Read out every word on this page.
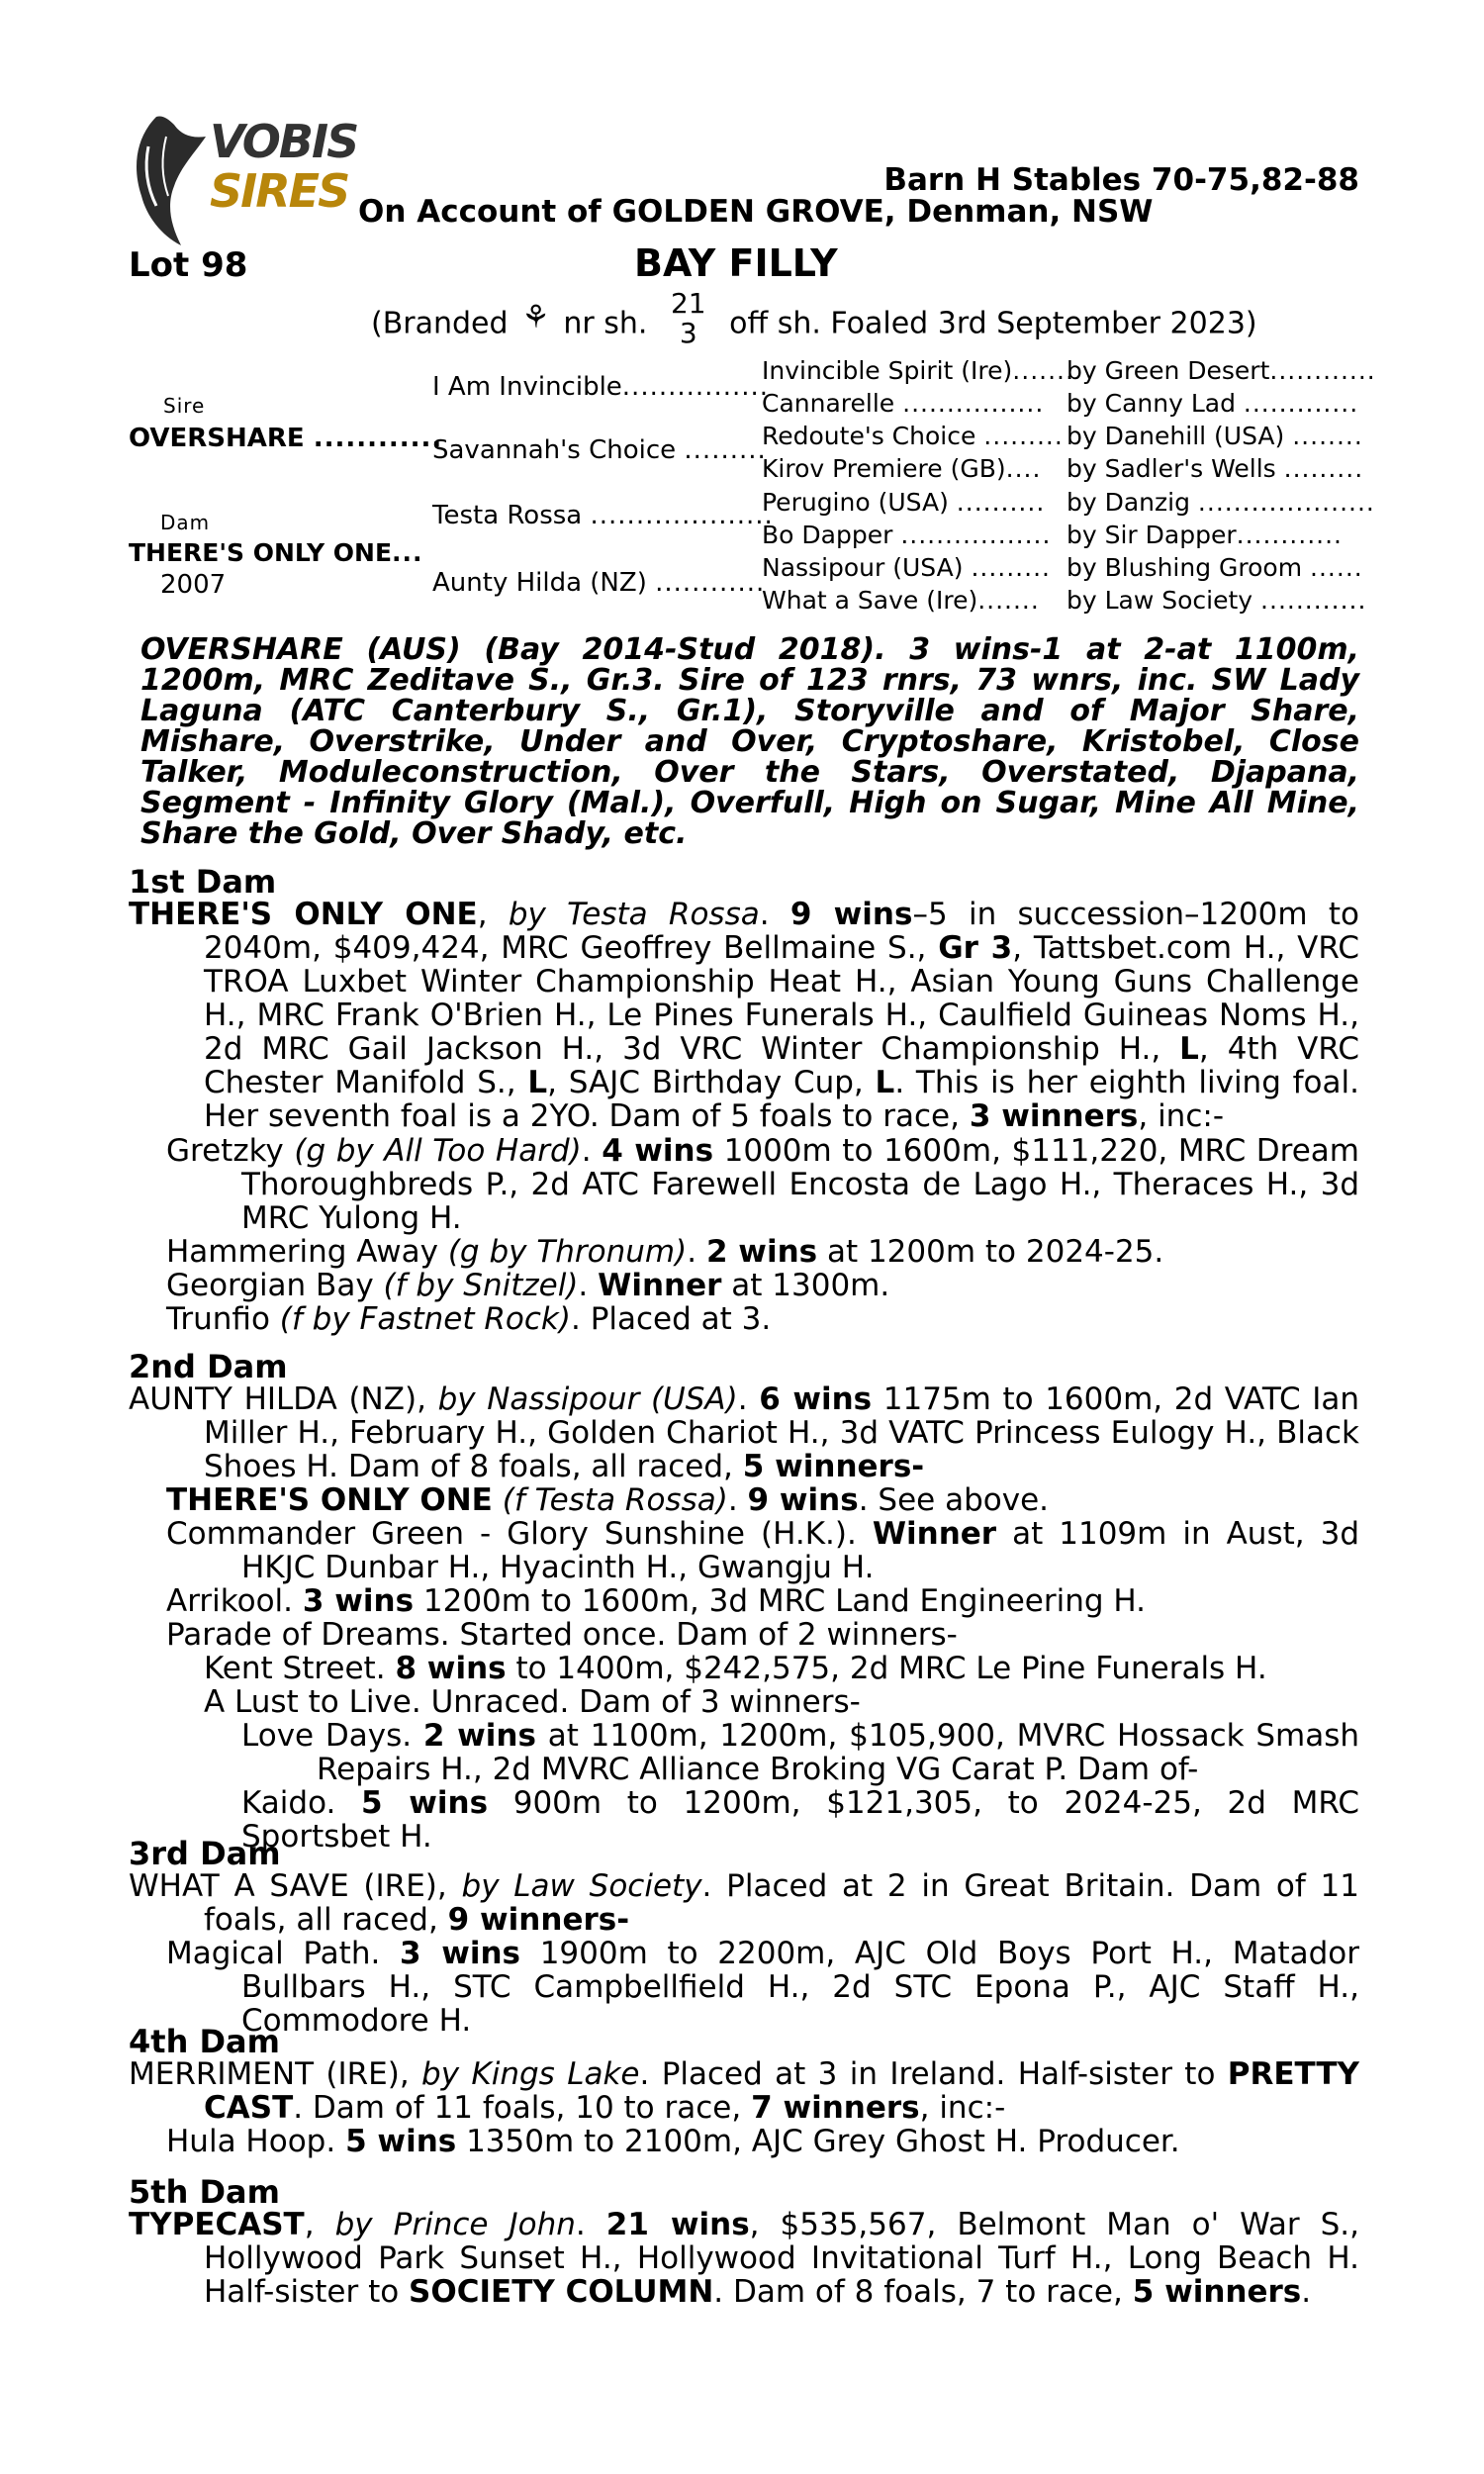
VOBIS
SIRES	Barn H Stables 70-75,82-88
On Account of GOLDEN GROVE, Denman, NSW
Lot 98	BAY FILLY
(Branded ⚘ nr sh. 21
3 off sh. Foaled 3rd September 2023)
Sire
OVERSHARE ............
Dam
THERE'S ONLY ONE...
2007
I Am Invincible................
Savannah's Choice .........
Testa Rossa ....................
Aunty Hilda (NZ) ............
Invincible Spirit (Ire).......
Cannarelle ................
Redoute's Choice .........
Kirov Premiere (GB)....
Perugino (USA) ..........
Bo Dapper .................
Nassipour (USA) .........
What a Save (Ire).......
by Green Desert............
by Canny Lad .............
by Danehill (USA) ........
by Sadler's Wells .........
by Danzig ....................
by Sir Dapper............
by Blushing Groom ......
by Law Society ............
OVERSHARE (AUS) (Bay 2014-Stud 2018). 3 wins-1 at 2-at 1100m, 1200m, MRC Zeditave S., Gr.3. Sire of 123 rnrs, 73 wnrs, inc. SW Lady Laguna (ATC Canterbury S., Gr.1), Storyville and of Major Share, Mishare, Overstrike, Under and Over, Cryptoshare, Kristobel, Close Talker, Moduleconstruction, Over the Stars, Overstated, Djapana, Segment - Infinity Glory (Mal.), Overfull, High on Sugar, Mine All Mine, Share the Gold, Over Shady, etc.
1st Dam
THERE'S ONLY ONE, by Testa Rossa. 9 wins–5 in succession–1200m to 2040m, $409,424, MRC Geoffrey Bellmaine S., Gr 3, Tattsbet.com H., VRC TROA Luxbet Winter Championship Heat H., Asian Young Guns Challenge H., MRC Frank O'Brien H., Le Pines Funerals H., Caulfield Guineas Noms H., 2d MRC Gail Jackson H., 3d VRC Winter Championship H., L, 4th VRC Chester Manifold S., L, SAJC Birthday Cup, L. This is her eighth living foal. Her seventh foal is a 2YO. Dam of 5 foals to race, 3 winners, inc:-
Gretzky (g by All Too Hard). 4 wins 1000m to 1600m, $111,220, MRC Dream Thoroughbreds P., 2d ATC Farewell Encosta de Lago H., Theraces H., 3d MRC Yulong H.
Hammering Away (g by Thronum). 2 wins at 1200m to 2024-25.
Georgian Bay (f by Snitzel). Winner at 1300m.
Trunfio (f by Fastnet Rock). Placed at 3.
2nd Dam
AUNTY HILDA (NZ), by Nassipour (USA). 6 wins 1175m to 1600m, 2d VATC Ian Miller H., February H., Golden Chariot H., 3d VATC Princess Eulogy H., Black Shoes H. Dam of 8 foals, all raced, 5 winners-
THERE'S ONLY ONE (f Testa Rossa). 9 wins. See above.
Commander Green - Glory Sunshine (H.K.). Winner at 1109m in Aust, 3d HKJC Dunbar H., Hyacinth H., Gwangju H.
Arrikool. 3 wins 1200m to 1600m, 3d MRC Land Engineering H.
Parade of Dreams. Started once. Dam of 2 winners-
Kent Street. 8 wins to 1400m, $242,575, 2d MRC Le Pine Funerals H.
A Lust to Live. Unraced. Dam of 3 winners-
Love Days. 2 wins at 1100m, 1200m, $105,900, MVRC Hossack Smash Repairs H., 2d MVRC Alliance Broking VG Carat P. Dam of-
Kaido. 5 wins 900m to 1200m, $121,305, to 2024-25, 2d MRC Sportsbet H.
3rd Dam
WHAT A SAVE (IRE), by Law Society. Placed at 2 in Great Britain. Dam of 11 foals, all raced, 9 winners-
Magical Path. 3 wins 1900m to 2200m, AJC Old Boys Port H., Matador Bullbars H., STC Campbellfield H., 2d STC Epona P., AJC Staff H., Commodore H.
4th Dam
MERRIMENT (IRE), by Kings Lake. Placed at 3 in Ireland. Half-sister to PRETTY CAST. Dam of 11 foals, 10 to race, 7 winners, inc:-
Hula Hoop. 5 wins 1350m to 2100m, AJC Grey Ghost H. Producer.
5th Dam
TYPECAST, by Prince John. 21 wins, $535,567, Belmont Man o' War S., Hollywood Park Sunset H., Hollywood Invitational Turf H., Long Beach H. Half-sister to SOCIETY COLUMN. Dam of 8 foals, 7 to race, 5 winners.
